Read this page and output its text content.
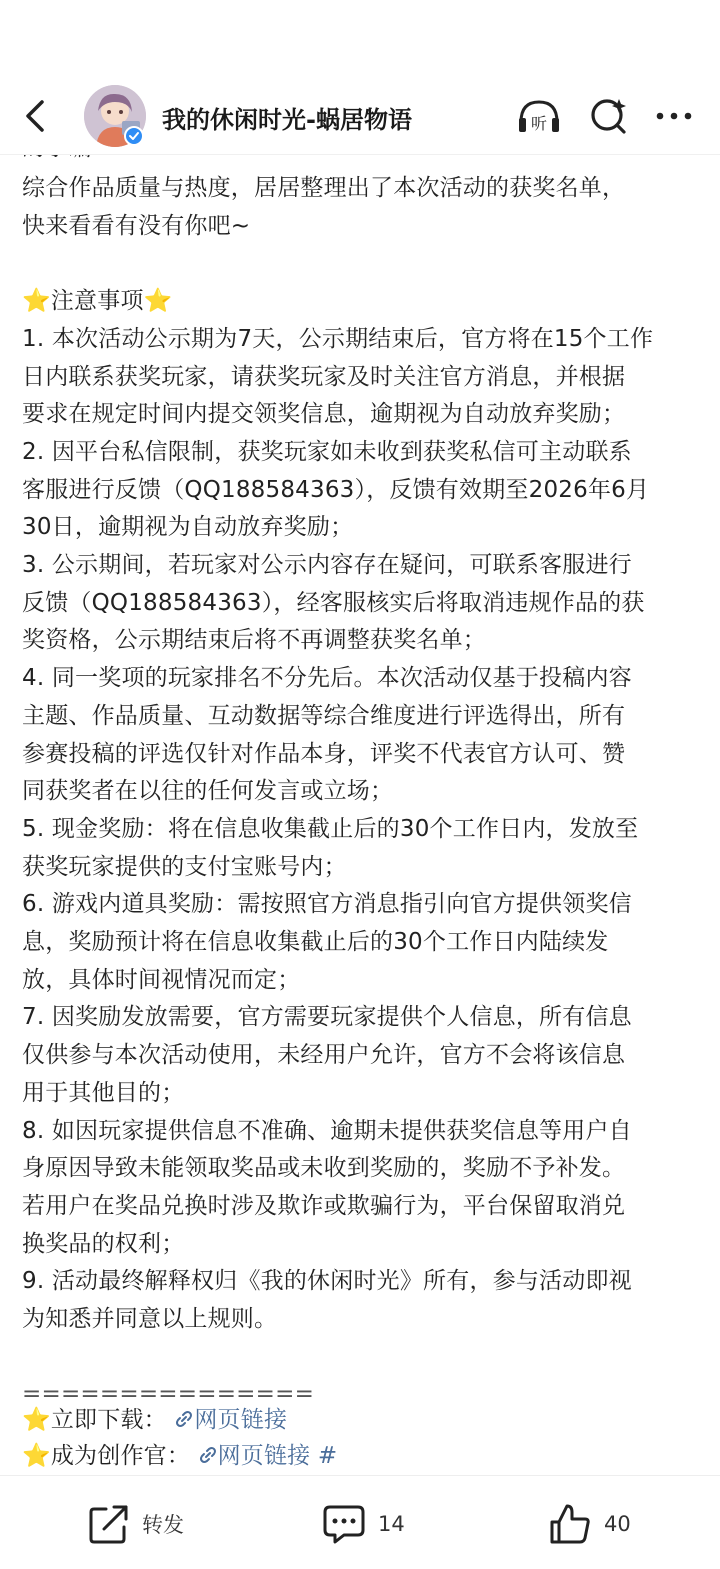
我的休闲时光-蜗居物语	听
综合作品质量与热度，居居整理出了本次活动的获奖名单，
快来看看有没有你吧~
⭐注意事项⭐
1. 本次活动公示期为7天，公示期结束后，官方将在15个工作
日内联系获奖玩家，请获奖玩家及时关注官方消息，并根据
要求在规定时间内提交领奖信息，逾期视为自动放弃奖励；
2. 因平台私信限制，获奖玩家如未收到获奖私信可主动联系
客服进行反馈（QQ188584363），反馈有效期至2026年6月
30日，逾期视为自动放弃奖励；
3. 公示期间，若玩家对公示内容存在疑问，可联系客服进行
反馈（QQ188584363），经客服核实后将取消违规作品的获
奖资格，公示期结束后将不再调整获奖名单；
4. 同一奖项的玩家排名不分先后。本次活动仅基于投稿内容
主题、作品质量、互动数据等综合维度进行评选得出，所有
参赛投稿的评选仅针对作品本身，评奖不代表官方认可、赞
同获奖者在以往的任何发言或立场；
5. 现金奖励：将在信息收集截止后的30个工作日内，发放至
获奖玩家提供的支付宝账号内；
6. 游戏内道具奖励：需按照官方消息指引向官方提供领奖信
息，奖励预计将在信息收集截止后的30个工作日内陆续发
放，具体时间视情况而定；
7. 因奖励发放需要，官方需要玩家提供个人信息，所有信息
仅供参与本次活动使用，未经用户允许，官方不会将该信息
用于其他目的；
8. 如因玩家提供信息不准确、逾期未提供获奖信息等用户自
身原因导致未能领取奖品或未收到奖励的，奖励不予补发。
若用户在奖品兑换时涉及欺诈或欺骗行为，平台保留取消兑
换奖品的权利；
9. 活动最终解释权归《我的休闲时光》所有，参与活动即视
为知悉并同意以上规则。
===============
⭐立即下载： 网页链接
⭐成为创作官： 网页链接 #
转发	14	40
